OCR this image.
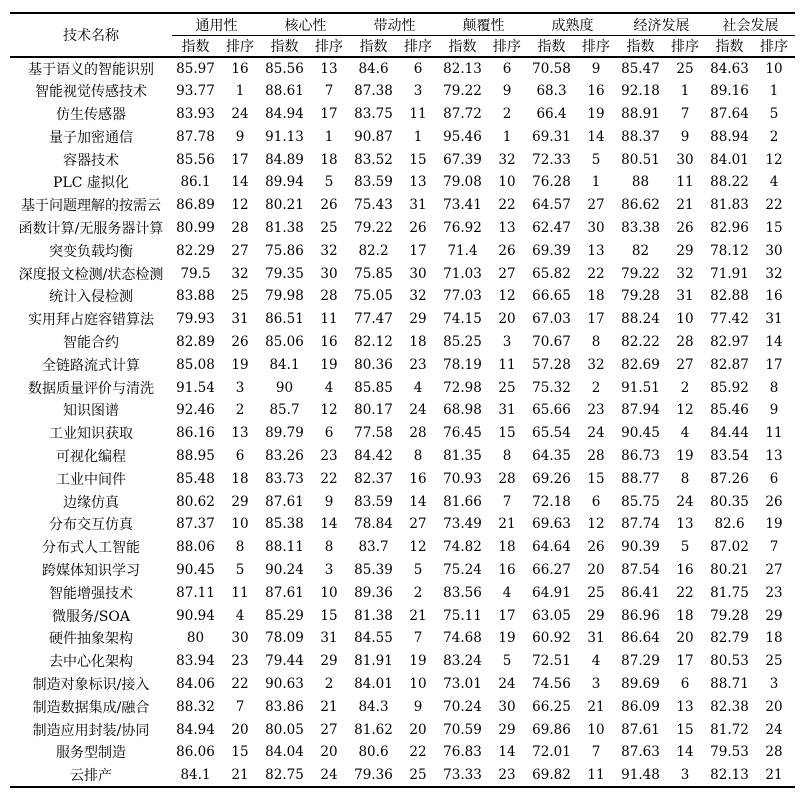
技术名称	通用性		核心性		带动性		颠覆性		成熟度		经济发展		社会发展	
	指数	排序	指数	排序	指数	排序	指数	排序	指数	排序	指数	排序	指数	排序
基于语义的智能识别	85.97	16	85.56	13	84.6	6	82.13	6	70.58	9	85.47	25	84.63	10
智能视觉传感技术	93.77	1	88.61	7	87.38	3	79.22	9	68.3	16	92.18	1	89.16	1
仿生传感器	83.93	24	84.94	17	83.75	11	87.72	2	66.4	19	88.91	7	87.64	5
量子加密通信	87.78	9	91.13	1	90.87	1	95.46	1	69.31	14	88.37	9	88.94	2
容器技术	85.56	17	84.89	18	83.52	15	67.39	32	72.33	5	80.51	30	84.01	12
PLC 虚拟化	86.1	14	89.94	5	83.59	13	79.08	10	76.28	1	88	11	88.22	4
基于问题理解的按需云	86.89	12	80.21	26	75.43	31	73.41	22	64.57	27	86.62	21	81.83	22
函数计算/无服务器计算	80.99	28	81.38	25	79.22	26	76.92	13	62.47	30	83.38	26	82.96	15
突变负载均衡	82.29	27	75.86	32	82.2	17	71.4	26	69.39	13	82	29	78.12	30
深度报文检测/状态检测	79.5	32	79.35	30	75.85	30	71.03	27	65.82	22	79.22	32	71.91	32
统计入侵检测	83.88	25	79.98	28	75.05	32	77.03	12	66.65	18	79.28	31	82.88	16
实用拜占庭容错算法	79.93	31	86.51	11	77.47	29	74.15	20	67.03	17	88.24	10	77.42	31
智能合约	82.89	26	85.06	16	82.12	18	85.25	3	70.67	8	82.22	28	82.97	14
全链路流式计算	85.08	19	84.1	19	80.36	23	78.19	11	57.28	32	82.69	27	82.87	17
数据质量评价与清洗	91.54	3	90	4	85.85	4	72.98	25	75.32	2	91.51	2	85.92	8
知识图谱	92.46	2	85.7	12	80.17	24	68.98	31	65.66	23	87.94	12	85.46	9
工业知识获取	86.16	13	89.79	6	77.58	28	76.45	15	65.54	24	90.45	4	84.44	11
可视化编程	88.95	6	83.26	23	84.42	8	81.35	8	64.35	28	86.73	19	83.54	13
工业中间件	85.48	18	83.73	22	82.37	16	70.93	28	69.26	15	88.77	8	87.26	6
边缘仿真	80.62	29	87.61	9	83.59	14	81.66	7	72.18	6	85.75	24	80.35	26
分布交互仿真	87.37	10	85.38	14	78.84	27	73.49	21	69.63	12	87.74	13	82.6	19
分布式人工智能	88.06	8	88.11	8	83.7	12	74.82	18	64.64	26	90.39	5	87.02	7
跨媒体知识学习	90.45	5	90.24	3	85.39	5	75.24	16	66.27	20	87.54	16	80.21	27
智能增强技术	87.11	11	87.61	10	89.36	2	83.56	4	64.91	25	86.41	22	81.75	23
微服务/SOA	90.94	4	85.29	15	81.38	21	75.11	17	63.05	29	86.96	18	79.28	29
硬件抽象架构	80	30	78.09	31	84.55	7	74.68	19	60.92	31	86.64	20	82.79	18
去中心化架构	83.94	23	79.44	29	81.91	19	83.24	5	72.51	4	87.29	17	80.53	25
制造对象标识/接入	84.06	22	90.63	2	84.01	10	73.01	24	74.56	3	89.69	6	88.71	3
制造数据集成/融合	88.32	7	83.86	21	84.3	9	70.24	30	66.25	21	86.09	13	82.38	20
制造应用封装/协同	84.94	20	80.05	27	81.62	20	70.59	29	69.86	10	87.61	15	81.72	24
服务型制造	86.06	15	84.04	20	80.6	22	76.83	14	72.01	7	87.63	14	79.53	28
云排产	84.1	21	82.75	24	79.36	25	73.33	23	69.82	11	91.48	3	82.13	21
